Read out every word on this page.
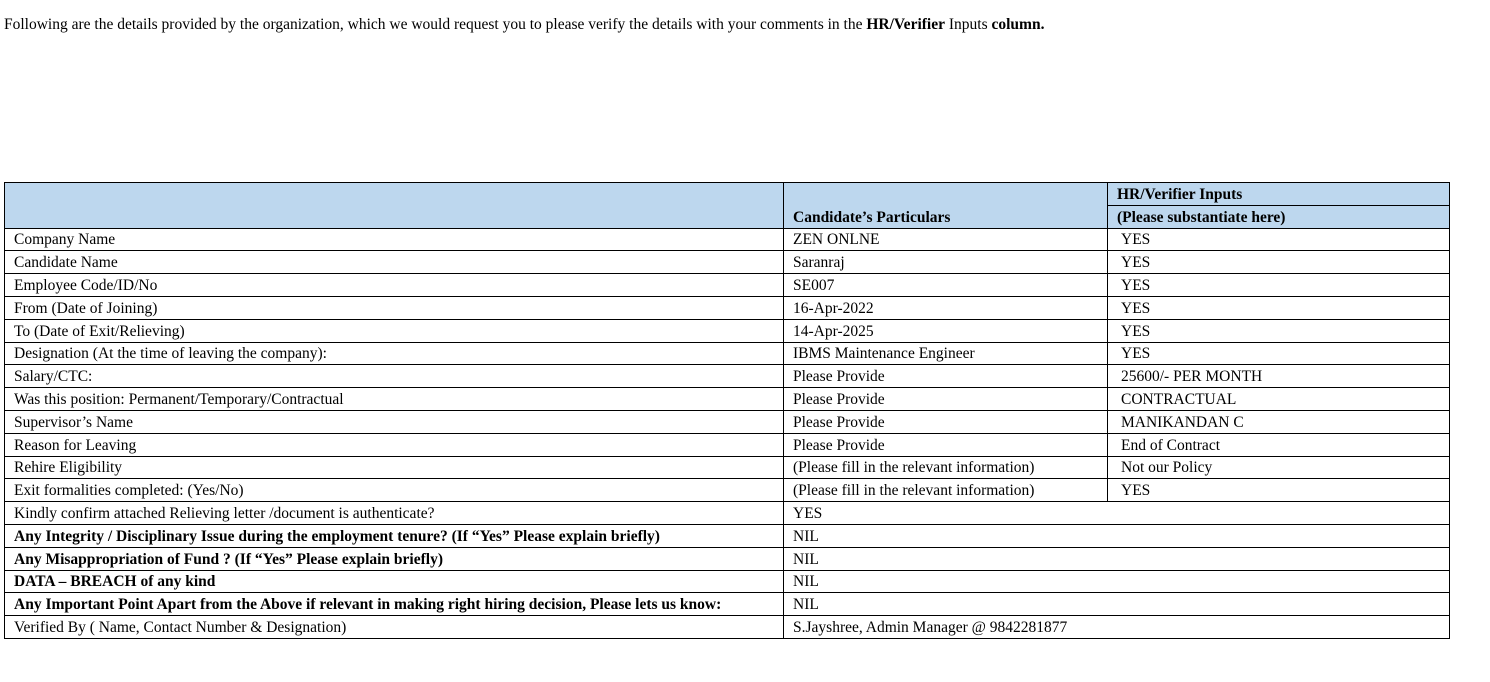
Following are the details provided by the organization, which we would request you to please verify the details with your comments in the HR/Verifier Inputs column.
	Candidate’s Particulars	HR/Verifier Inputs
		(Please substantiate here)
Company Name	ZEN ONLNE	YES
Candidate Name	Saranraj	YES
Employee Code/ID/No	SE007	YES
From (Date of Joining)	16-Apr-2022	YES
To (Date of Exit/Relieving)	14-Apr-2025	YES
Designation (At the time of leaving the company):	IBMS Maintenance Engineer	YES
Salary/CTC:	Please Provide	25600/- PER MONTH
Was this position: Permanent/Temporary/Contractual	Please Provide	CONTRACTUAL
Supervisor’s Name	Please Provide	MANIKANDAN C
Reason for Leaving	Please Provide	End of Contract
Rehire Eligibility	(Please fill in the relevant information)	Not our Policy
Exit formalities completed: (Yes/No)	(Please fill in the relevant information)	YES
Kindly confirm attached Relieving letter /document is authenticate?	YES	
Any Integrity / Disciplinary Issue during the employment tenure? (If “Yes” Please explain briefly)	NIL	
Any Misappropriation of Fund ? (If “Yes” Please explain briefly)	NIL	
DATA – BREACH of any kind	NIL	
Any Important Point Apart from the Above if relevant in making right hiring decision, Please lets us know:	NIL	
Verified By ( Name, Contact Number & Designation)	S.Jayshree, Admin Manager @ 9842281877	
